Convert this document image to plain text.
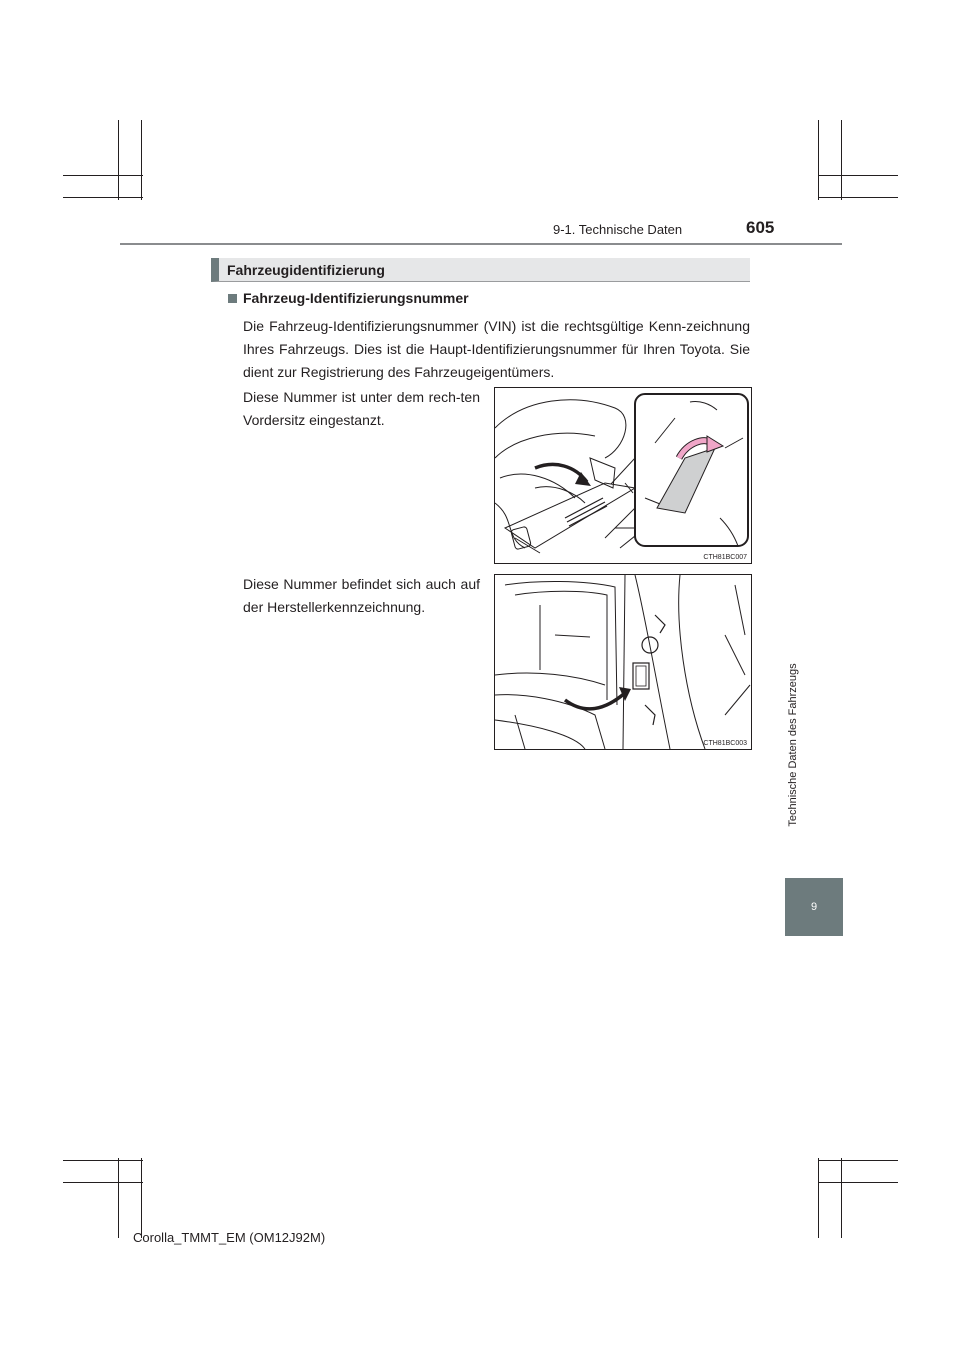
9-1. Technische Daten	605
Technische Daten des Fahrzeugs
9
Fahrzeugidentifizierung
Fahrzeug-Identifizierungsnummer
Die Fahrzeug-Identifizierungsnummer (VIN) ist die rechtsgültige Kenn-zeichnung Ihres Fahrzeugs. Dies ist die Haupt-Identifizierungsnummer für Ihren Toyota. Sie dient zur Registrierung des Fahrzeugeigentümers.
Diese Nummer ist unter dem rech-ten Vordersitz eingestanzt.
Diese Nummer befindet sich auch auf der Herstellerkennzeichnung.
CTH81BC007
CTH81BC003
Corolla_TMMT_EM (OM12J92M)
